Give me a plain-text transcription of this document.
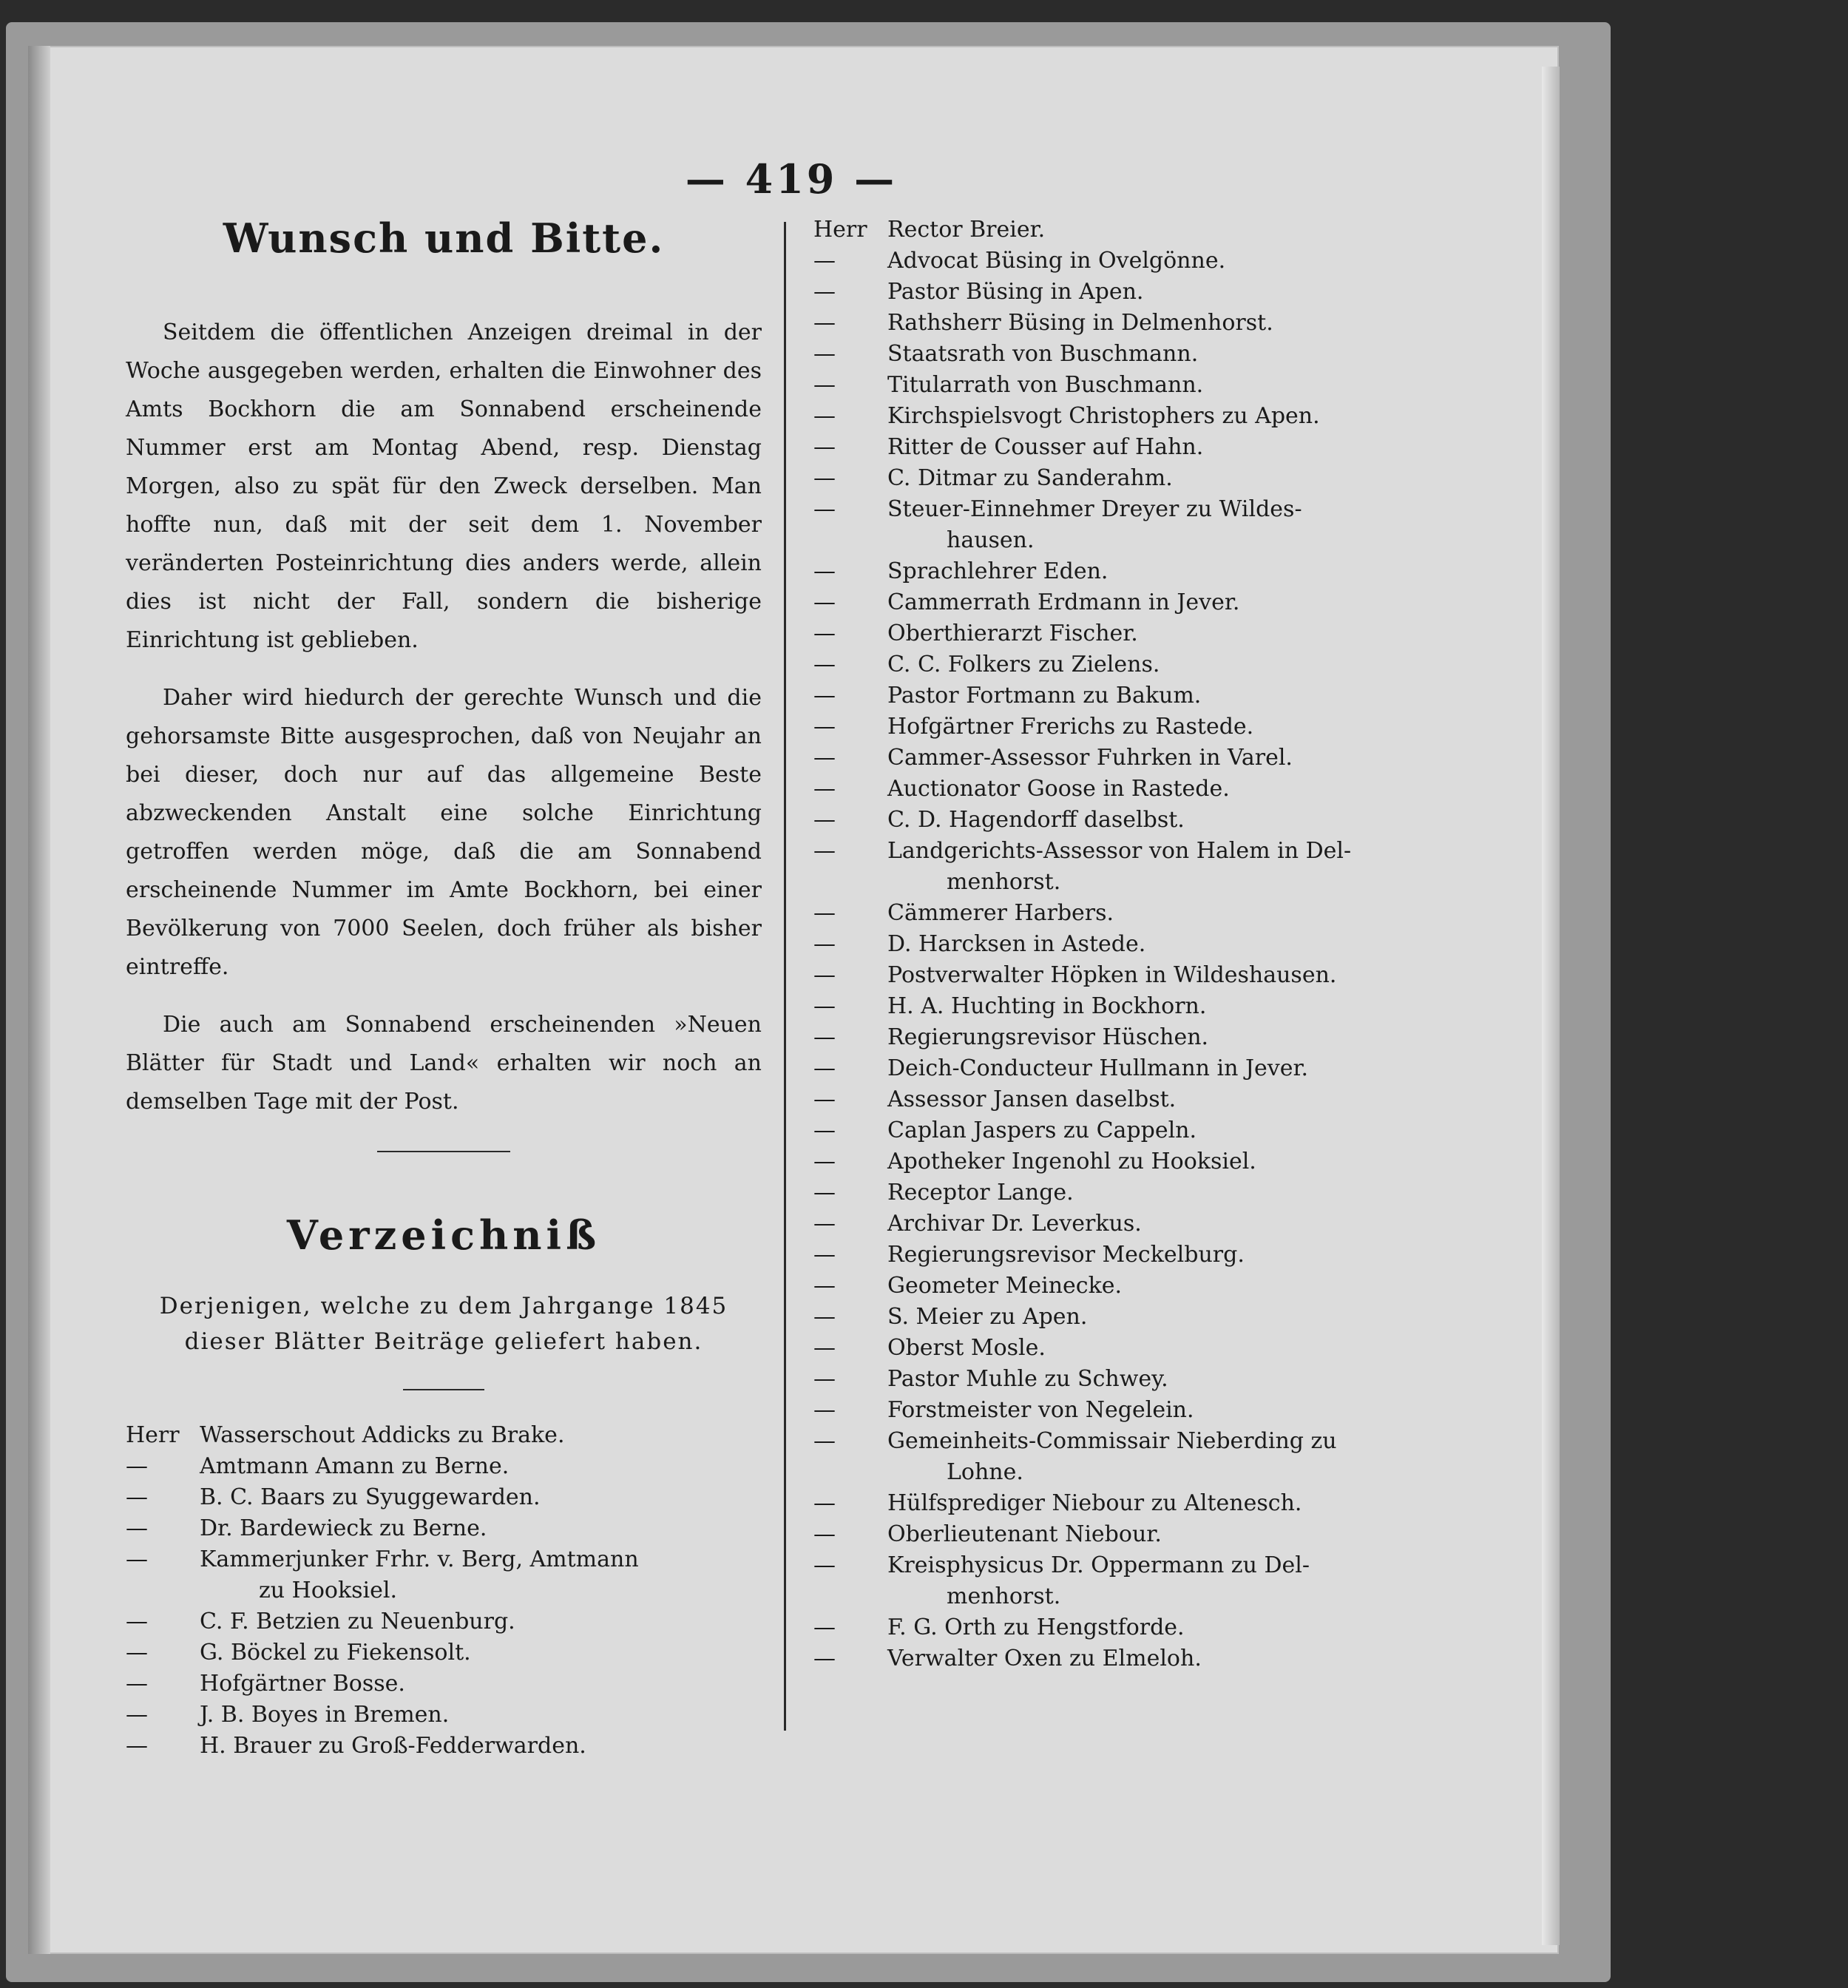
— 419 —
Wunsch und Bitte.

Seitdem die öffentlichen Anzeigen dreimal in der Woche ausgegeben werden, erhalten die Einwohner des Amts Bockhorn die am Sonnabend erscheinende Nummer erst am Montag Abend, resp. Dienstag Morgen, also zu spät für den Zweck derselben. Man hoffte nun, daß mit der seit dem 1. November veränderten Posteinrichtung dies anders werde, allein dies ist nicht der Fall, sondern die bisherige Einrichtung ist geblieben.

Daher wird hiedurch der gerechte Wunsch und die gehorsamste Bitte ausgesprochen, daß von Neujahr an bei dieser, doch nur auf das allgemeine Beste abzweckenden Anstalt eine solche Einrichtung getroffen werden möge, daß die am Sonnabend erscheinende Nummer im Amte Bockhorn, bei einer Bevölkerung von 7000 Seelen, doch früher als bisher eintreffe.

Die auch am Sonnabend erscheinenden »Neuen Blätter für Stadt und Land« erhalten wir noch an demselben Tage mit der Post.

Verzeichniß
Derjenigen, welche zu dem Jahrgange 1845 dieser Blätter Beiträge geliefert haben.
Herr Wasserschout Addicks zu Brake.
—	Amtmann Amann zu Berne.
—	B. C. Baars zu Syuggewarden.
—	Dr. Bardewieck zu Berne.
—	Kammerjunker Frhr. v. Berg, Amtmann
zu Hooksiel.
—	C. F. Betzien zu Neuenburg.
—	G. Böckel zu Fiekensolt.
—	Hofgärtner Bosse.
—	J. B. Boyes in Bremen.
—	H. Brauer zu Groß-Fedderwarden.
Herr Rector Breier.
—	Advocat Büsing in Ovelgönne.
—	Pastor Büsing in Apen.
—	Rathsherr Büsing in Delmenhorst.
—	Staatsrath von Buschmann.
—	Titularrath von Buschmann.
—	Kirchspielsvogt Christophers zu Apen.
—	Ritter de Cousser auf Hahn.
—	C. Ditmar zu Sanderahm.
—	Steuer-Einnehmer Dreyer zu Wildes-
hausen.
—	Sprachlehrer Eden.
—	Cammerrath Erdmann in Jever.
—	Oberthierarzt Fischer.
—	C. C. Folkers zu Zielens.
—	Pastor Fortmann zu Bakum.
—	Hofgärtner Frerichs zu Rastede.
—	Cammer-Assessor Fuhrken in Varel.
—	Auctionator Goose in Rastede.
—	C. D. Hagendorff daselbst.
—	Landgerichts-Assessor von Halem in Del-
menhorst.
—	Cämmerer Harbers.
—	D. Harcksen in Astede.
—	Postverwalter Höpken in Wildeshausen.
—	H. A. Huchting in Bockhorn.
—	Regierungsrevisor Hüschen.
—	Deich-Conducteur Hullmann in Jever.
—	Assessor Jansen daselbst.
—	Caplan Jaspers zu Cappeln.
—	Apotheker Ingenohl zu Hooksiel.
—	Receptor Lange.
—	Archivar Dr. Leverkus.
—	Regierungsrevisor Meckelburg.
—	Geometer Meinecke.
—	S. Meier zu Apen.
—	Oberst Mosle.
—	Pastor Muhle zu Schwey.
—	Forstmeister von Negelein.
—	Gemeinheits-Commissair Nieberding zu
Lohne.
—	Hülfsprediger Niebour zu Altenesch.
—	Oberlieutenant Niebour.
—	Kreisphysicus Dr. Oppermann zu Del-
menhorst.
—	F. G. Orth zu Hengstforde.
—	Verwalter Oxen zu Elmeloh.
